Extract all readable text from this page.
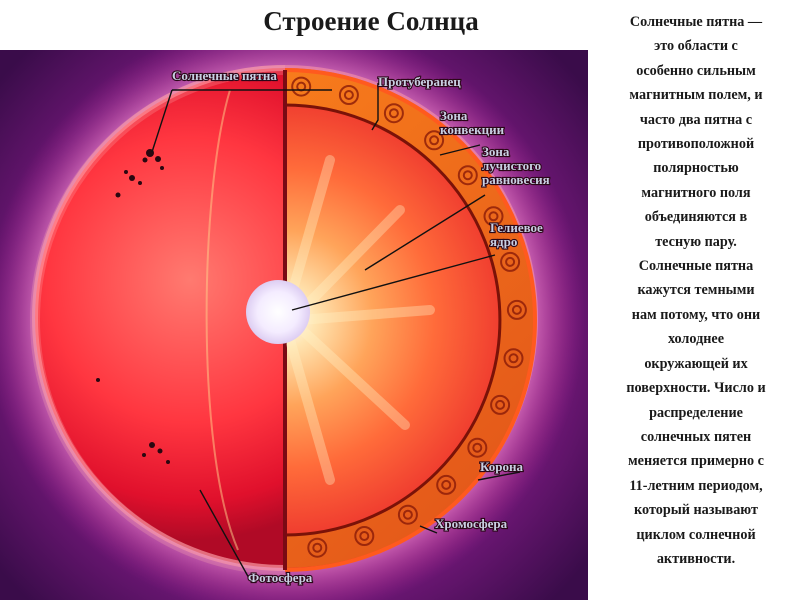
Строение Солнца
Солнечные пятна	Протуберанец
Зона конвекции
Зона лучистого равновесия
Гелиевое ядро
Корона
Хромосфера
Фотосфера

Солнечные пятна —
это области с
особенно сильным
магнитным полем, и
часто два пятна с
противоположной
полярностью
магнитного поля
объединяются в
тесную пару.
Солнечные пятна
кажутся темными
нам потому, что они
холоднее
окружающей их
поверхности. Число и
распределение
солнечных пятен
меняется примерно с
11-летним периодом,
который называют
циклом солнечной
активности.
